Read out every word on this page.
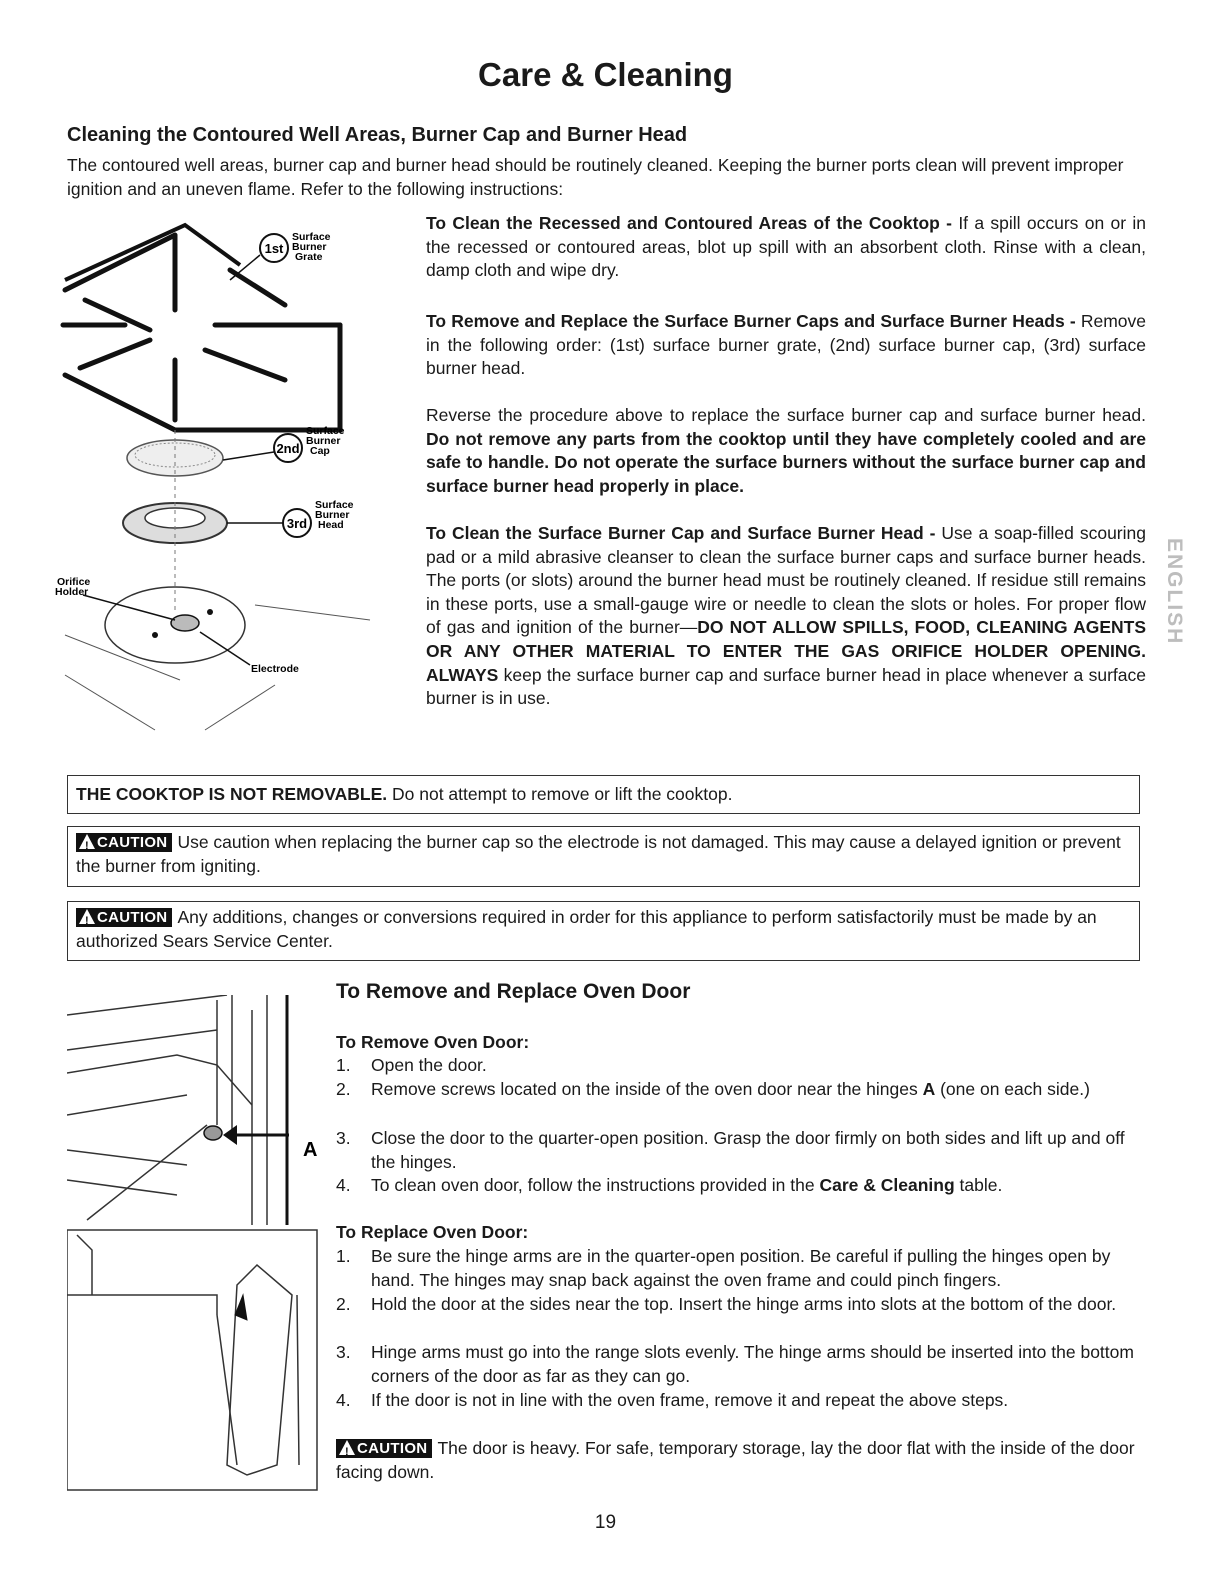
Care & Cleaning
Cleaning the Contoured Well Areas, Burner Cap and Burner Head
The contoured well areas, burner cap and burner head should be routinely cleaned. Keeping the burner ports clean will prevent improper ignition and an uneven flame. Refer to the following instructions:
1st
Surface Burner Grate
2nd
Surface Burner Cap
3rd
Surface Burner Head
Orifice Holder Electrode
To Clean the Recessed and Contoured Areas of the Cooktop - If a spill occurs on or in the recessed or contoured areas, blot up spill with an absorbent cloth. Rinse with a clean, damp cloth and wipe dry.
To Remove and Replace the Surface Burner Caps and Surface Burner Heads - Remove in the following order: (1st) surface burner grate, (2nd) surface burner cap, (3rd) surface burner head.
Reverse the procedure above to replace the surface burner cap and surface burner head. Do not remove any parts from the cooktop until they have completely cooled and are safe to handle. Do not operate the surface burners without the surface burner cap and surface burner head properly in place.
To Clean the Surface Burner Cap and Surface Burner Head - Use a soap-filled scouring pad or a mild abrasive cleanser to clean the surface burner caps and surface burner heads. The ports (or slots) around the burner head must be routinely cleaned. If residue still remains in these ports, use a small-gauge wire or needle to clean the slots or holes. For proper flow of gas and ignition of the burner—DO NOT ALLOW SPILLS, FOOD, CLEANING AGENTS OR ANY OTHER MATERIAL TO ENTER THE GAS ORIFICE HOLDER OPENING. ALWAYS keep the surface burner cap and surface burner head in place whenever a surface burner is in use.
ENGLISH
THE COOKTOP IS NOT REMOVABLE. Do not attempt to remove or lift the cooktop.
! CAUTION Use caution when replacing the burner cap so the electrode is not damaged. This may cause a delayed ignition or prevent the burner from igniting.
! CAUTION Any additions, changes or conversions required in order for this appliance to perform satisfactorily must be made by an authorized Sears Service Center.
To Remove and Replace Oven Door
A
To Remove Oven Door:
1. Open the door.
2. Remove screws located on the inside of the oven door near the hinges A (one on each side.)
3. Close the door to the quarter-open position. Grasp the door firmly on both sides and lift up and off the hinges.
4. To clean oven door, follow the instructions provided in the Care & Cleaning table.
To Replace Oven Door:
1. Be sure the hinge arms are in the quarter-open position. Be careful if pulling the hinges open by hand. The hinges may snap back against the oven frame and could pinch fingers.
2. Hold the door at the sides near the top. Insert the hinge arms into slots at the bottom of the door.
3. Hinge arms must go into the range slots evenly. The hinge arms should be inserted into the bottom corners of the door as far as they can go.
4. If the door is not in line with the oven frame, remove it and repeat the above steps.
! CAUTION The door is heavy. For safe, temporary storage, lay the door flat with the inside of the door facing down.
19
